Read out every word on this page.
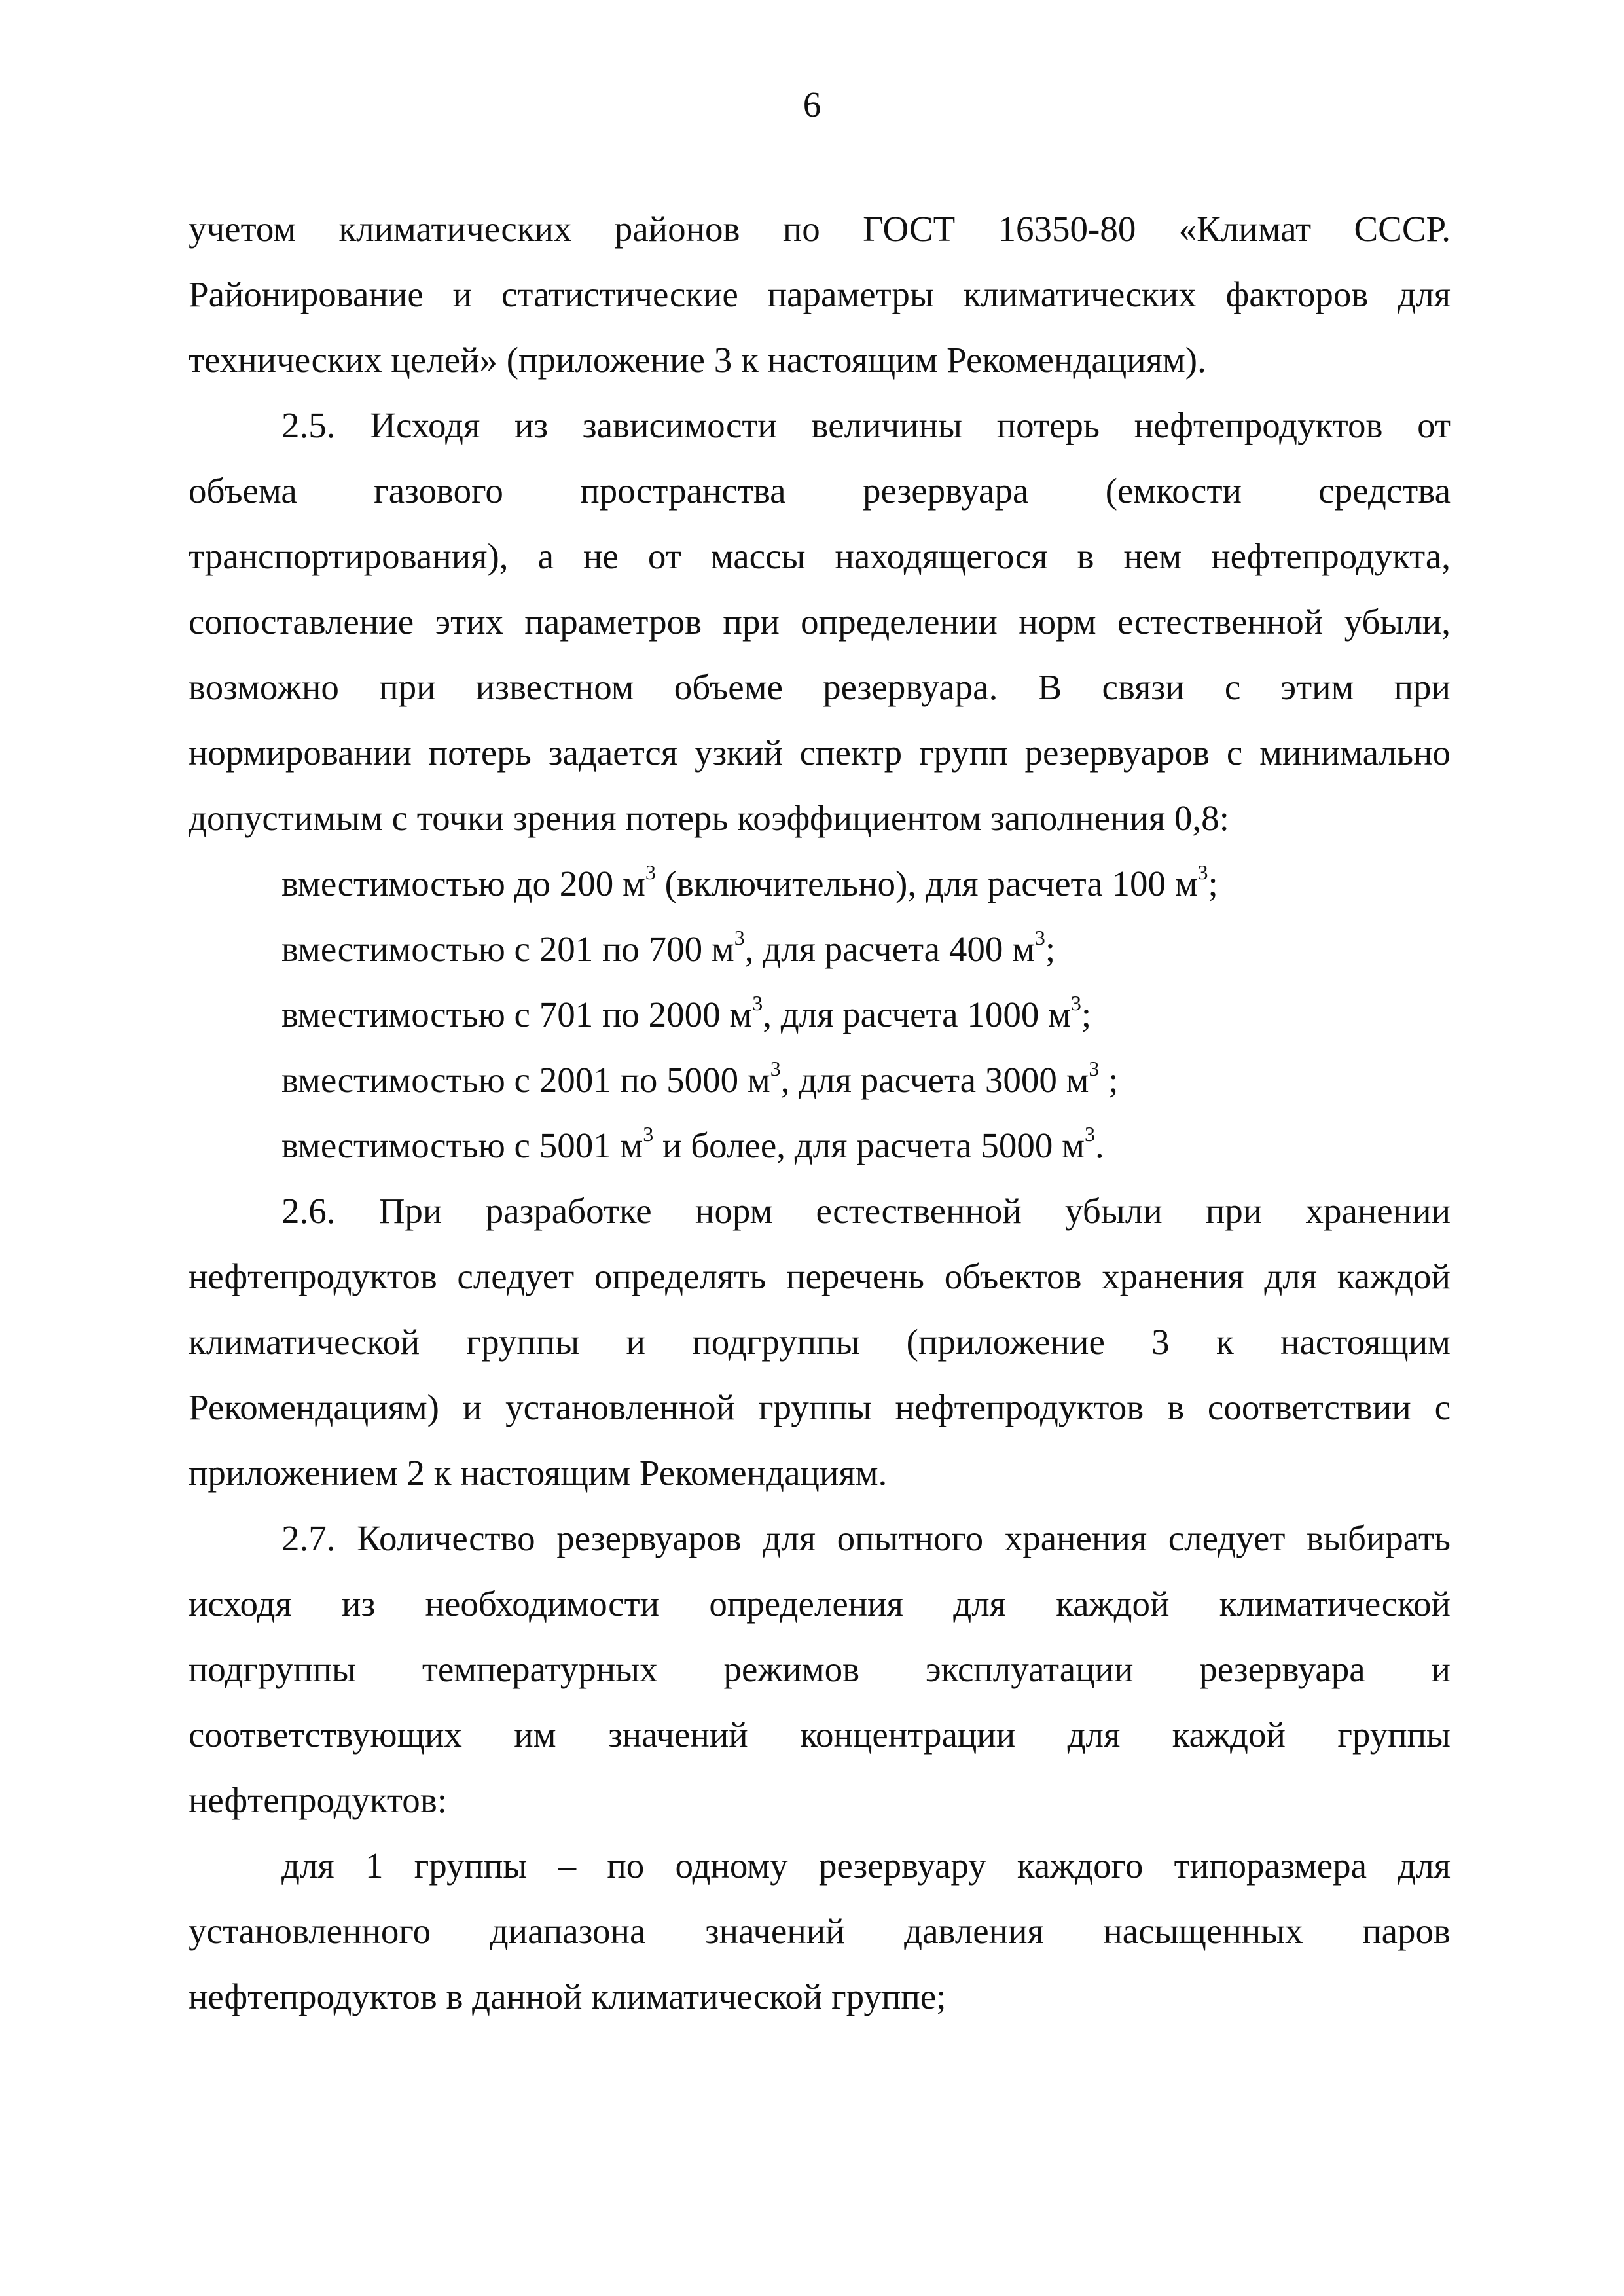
6
учетом климатических районов по ГОСТ 16350-80 «Климат СССР.
Районирование и статистические параметры климатических факторов для
технических целей» (приложение 3 к настоящим Рекомендациям).
2.5. Исходя из зависимости величины потерь нефтепродуктов от
объема газового пространства резервуара (емкости средства
транспортирования), а не от массы находящегося в нем нефтепродукта,
сопоставление этих параметров при определении норм естественной убыли,
возможно при известном объеме резервуара. В связи с этим при
нормировании потерь задается узкий спектр групп резервуаров с минимально
допустимым с точки зрения потерь коэффициентом заполнения 0,8:
вместимостью до 200 $м^3$ (включительно), для расчета 100 $м^3$;
вместимостью с 201 по 700 $м^3$, для расчета 400 $м^3$;
вместимостью с 701 по 2000 $м^3$, для расчета 1000 $м^3$;
вместимостью с 2001 по 5000 $м^3$, для расчета 3000 $м^3$ ;
вместимостью с 5001 $м^3$ и более, для расчета 5000 $м^3$.
2.6. При разработке норм естественной убыли при хранении
нефтепродуктов следует определять перечень объектов хранения для каждой
климатической группы и подгруппы (приложение 3 к настоящим
Рекомендациям) и установленной группы нефтепродуктов в соответствии с
приложением 2 к настоящим Рекомендациям.
2.7. Количество резервуаров для опытного хранения следует выбирать
исходя из необходимости определения для каждой климатической
подгруппы температурных режимов эксплуатации резервуара и
соответствующих им значений концентрации для каждой группы
нефтепродуктов:
для 1 группы – по одному резервуару каждого типоразмера для
установленного диапазона значений давления насыщенных паров
нефтепродуктов в данной климатической группе;
